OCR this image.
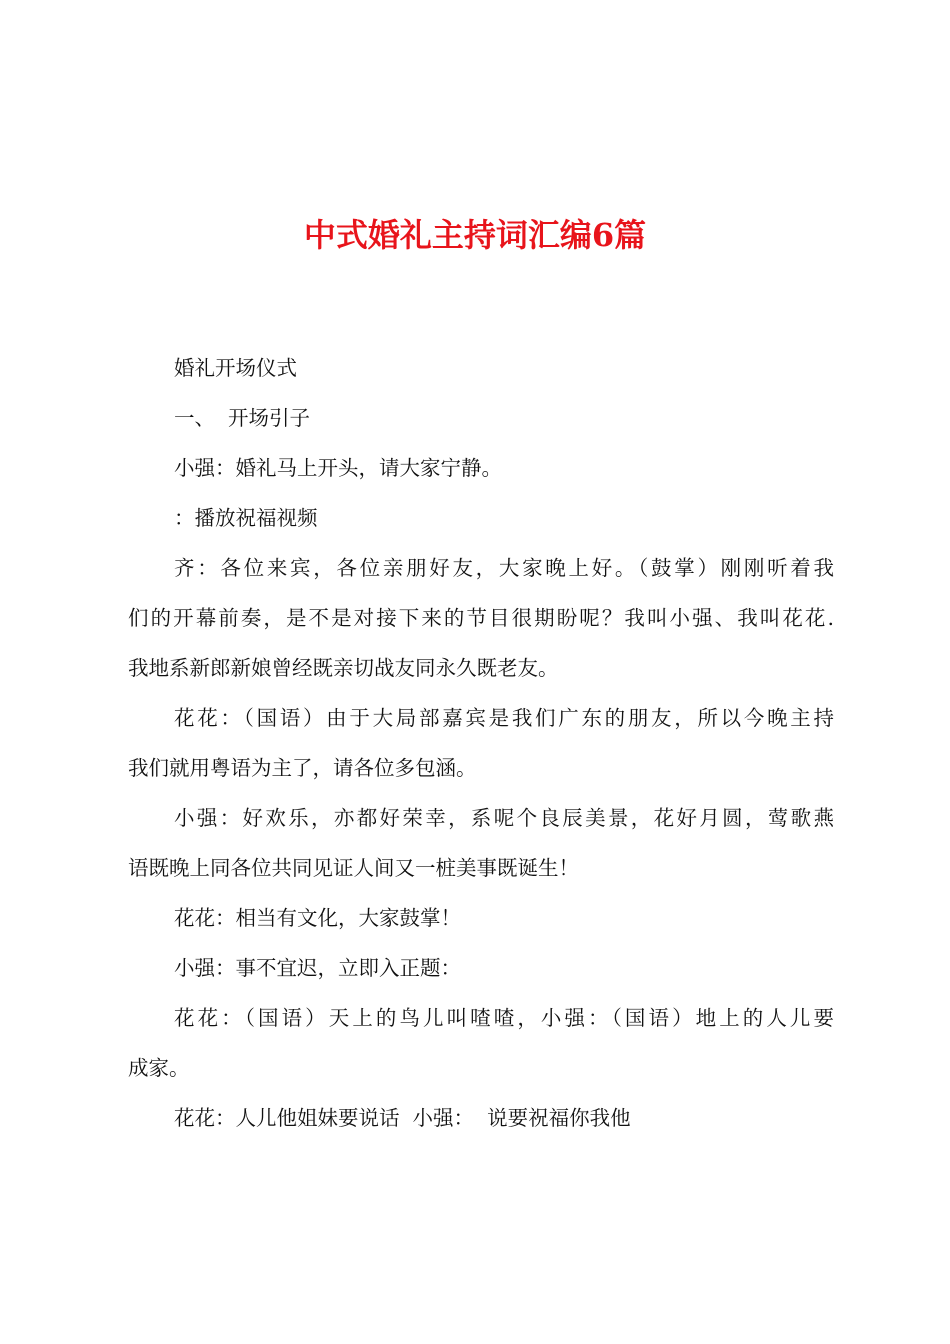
中式婚礼主持词汇编6篇
婚礼开场仪式
一、  开场引子
小强：婚礼马上开头，请大家宁静。
：播放祝福视频
齐：各位来宾，各位亲朋好友，大家晚上好。（鼓掌）刚刚听着我
们的开幕前奏，是不是对接下来的节目很期盼呢？我叫小强、我叫花花.
我地系新郎新娘曾经既亲切战友同永久既老友。
花花：（国语）由于大局部嘉宾是我们广东的朋友，所以今晚主持
我们就用粤语为主了，请各位多包涵。
小强：好欢乐，亦都好荣幸，系呢个良辰美景，花好月圆，莺歌燕
语既晚上同各位共同见证人间又一桩美事既诞生！
花花：相当有文化，大家鼓掌！
小强：事不宜迟，立即入正题：
花花：（国语）天上的鸟儿叫喳喳，小强：（国语）地上的人儿要
成家。
花花：人儿他姐妹要说话  小强：  说要祝福你我他
